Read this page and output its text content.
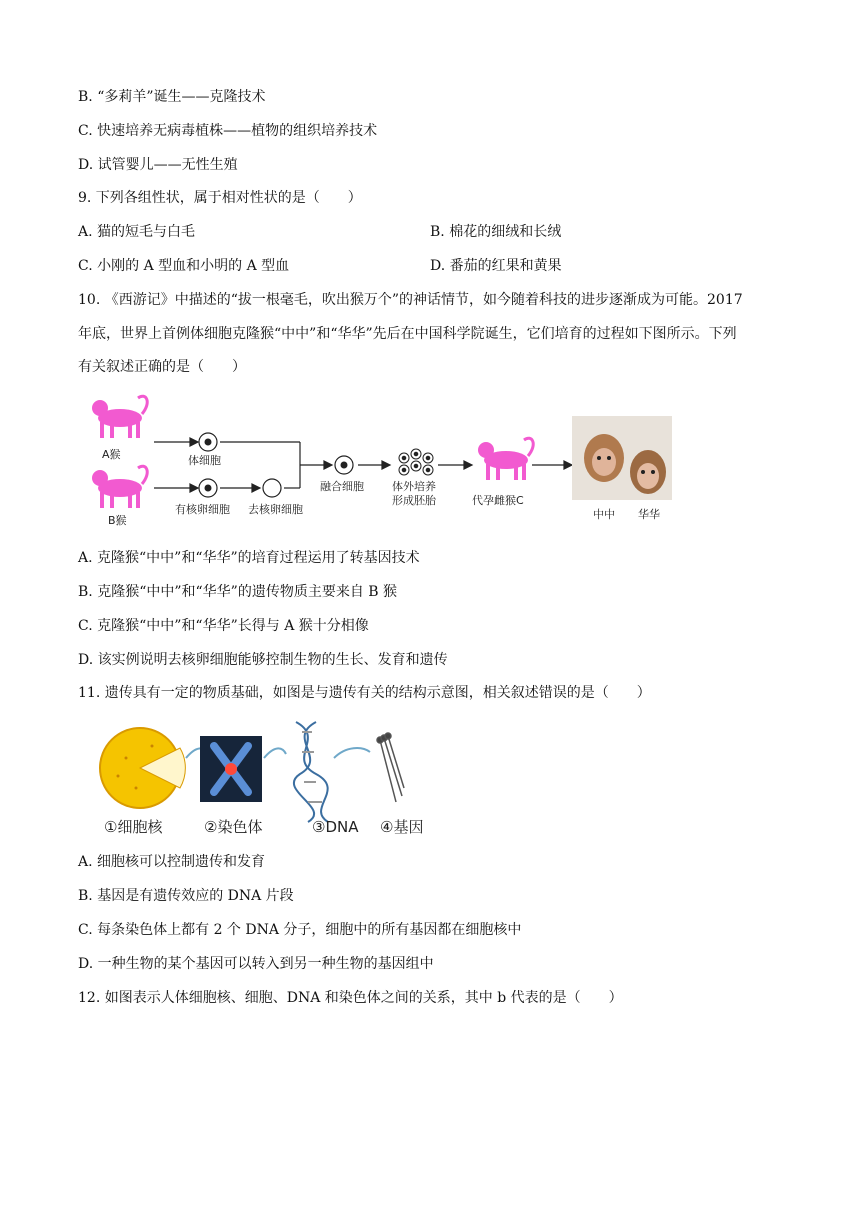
B. “多莉羊”诞生——克隆技术
C. 快速培养无病毒植株——植物的组织培养技术
D. 试管婴儿——无性生殖
9. 下列各组性状，属于相对性状的是（　　）
A. 猫的短毛与白毛	B. 棉花的细绒和长绒
C. 小刚的 A 型血和小明的 A 型血	D. 番茄的红果和黄果
10. 《西游记》中描述的“拔一根毫毛，吹出猴万个”的神话情节，如今随着科技的进步逐渐成为可能。2017
年底，世界上首例体细胞克隆猴“中中”和“华华”先后在中国科学院诞生，它们培育的过程如下图所示。下列
有关叙述正确的是（　　）
A猴
B猴
体细胞
有核卵细胞 去核卵细胞
融合细胞	体外培养
形成胚胎	代孕雌猴C
中中 华华
A. 克隆猴“中中”和“华华”的培育过程运用了转基因技术
B. 克隆猴“中中”和“华华”的遗传物质主要来自 B 猴
C. 克隆猴“中中”和“华华”长得与 A 猴十分相像
D. 该实例说明去核卵细胞能够控制生物的生长、发育和遗传
11. 遗传具有一定的物质基础，如图是与遗传有关的结构示意图，相关叙述错误的是（　　）
①细胞核	②染色体	③DNA ④基因
A. 细胞核可以控制遗传和发育
B. 基因是有遗传效应的 DNA 片段
C. 每条染色体上都有 2 个 DNA 分子，细胞中的所有基因都在细胞核中
D. 一种生物的某个基因可以转入到另一种生物的基因组中
12. 如图表示人体细胞核、细胞、DNA 和染色体之间的关系，其中 b 代表的是（　　）
